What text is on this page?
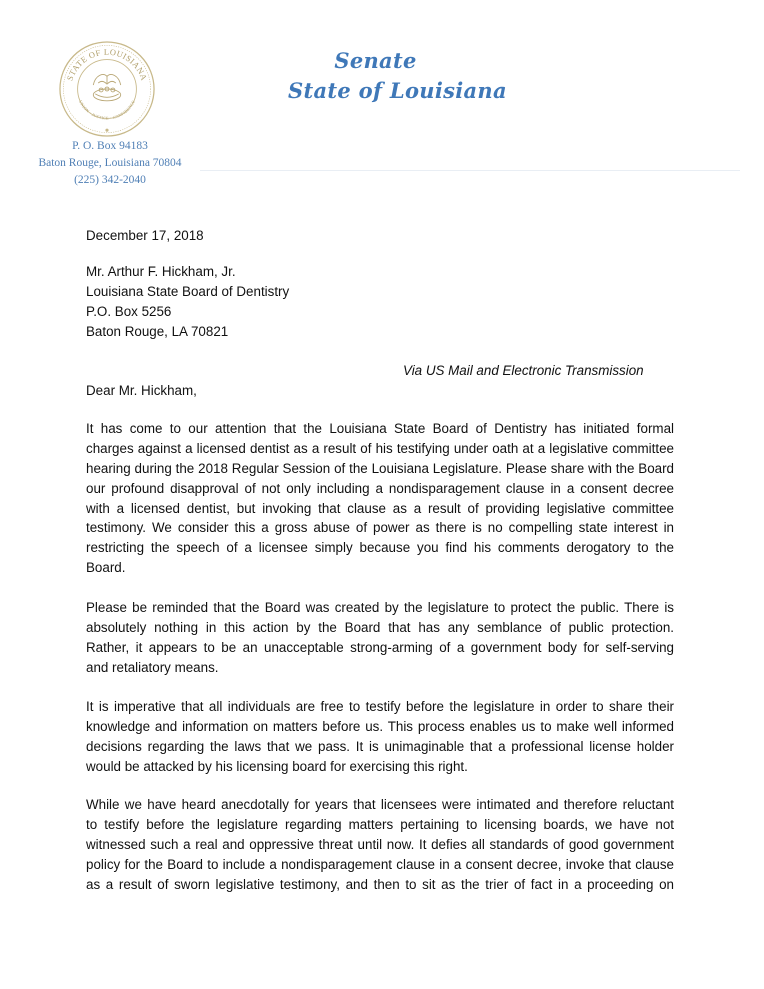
STATE OF LOUISIANA
UNION · JUSTICE · CONFIDENCE
Senate
State of Louisiana
P. O. Box 94183
Baton Rouge, Louisiana 70804
(225) 342-2040
December 17, 2018
Mr. Arthur F. Hickham, Jr.
Louisiana State Board of Dentistry
P.O. Box 5256
Baton Rouge, LA 70821
Via US Mail and Electronic Transmission
Dear Mr. Hickham,
It has come to our attention that the Louisiana State Board of Dentistry has initiated formal
charges against a licensed dentist as a result of his testifying under oath at a legislative committee
hearing during the 2018 Regular Session of the Louisiana Legislature. Please share with the Board
our profound disapproval of not only including a nondisparagement clause in a consent decree
with a licensed dentist, but invoking that clause as a result of providing legislative committee
testimony. We consider this a gross abuse of power as there is no compelling state interest in
restricting the speech of a licensee simply because you find his comments derogatory to the
Board.
Please be reminded that the Board was created by the legislature to protect the public. There is
absolutely nothing in this action by the Board that has any semblance of public protection.
Rather, it appears to be an unacceptable strong-arming of a government body for self-serving
and retaliatory means.
It is imperative that all individuals are free to testify before the legislature in order to share their
knowledge and information on matters before us. This process enables us to make well informed
decisions regarding the laws that we pass. It is unimaginable that a professional license holder
would be attacked by his licensing board for exercising this right.
While we have heard anecdotally for years that licensees were intimated and therefore reluctant
to testify before the legislature regarding matters pertaining to licensing boards, we have not
witnessed such a real and oppressive threat until now. It defies all standards of good government
policy for the Board to include a nondisparagement clause in a consent decree, invoke that clause
as a result of sworn legislative testimony, and then to sit as the trier of fact in a proceeding on
